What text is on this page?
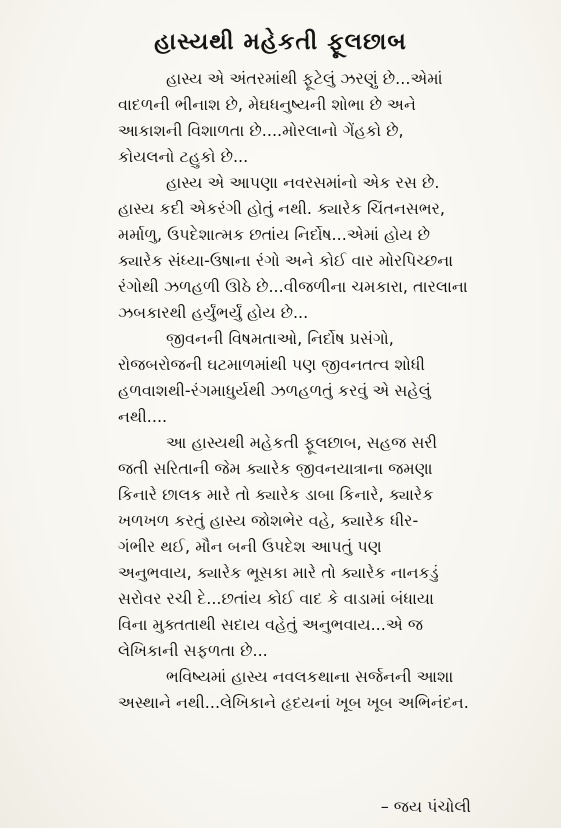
હાસ્યથી મહેકતી ફૂલછાબ
હાસ્ય એ અંતરમાંથી ફૂટેલું ઝરણું છે...એમાં
વાદળની ભીનાશ છે, મેઘધનુષ્યની શોભા છે અને
આકાશની વિશાળતા છે....મોરલાનો ગેંહકો છે,
કોયલનો ટહુકો છે...
હાસ્ય એ આપણા નવરસમાંનો એક રસ છે.
હાસ્ય કદી એકરંગી હોતું નથી. ક્યારેક ચિંતનસભર,
મર્માળુ, ઉપદેશાત્મક છતાંય નિર્દોષ...એમાં હોય છે
ક્યારેક સંધ્યા-ઉષાના રંગો અને કોઈ વાર મોરપિચ્છના
રંગોથી ઝળહળી ઊઠે છે...વીજળીના ચમકારા, તારલાના
ઝબકારથી હર્યુંભર્યું હોય છે...
જીવનની વિષમતાઓ, નિર્દોષ પ્રસંગો,
રોજબરોજની ઘટમાળમાંથી પણ જીવનતત્વ શોધી
હળવાશથી-રંગમાધુર્યથી ઝળહળતું કરવું એ સહેલું
નથી....
આ હાસ્યથી મહેકતી ફૂલછાબ, સહજ સરી
જતી સરિતાની જેમ ક્યારેક જીવનયાત્રાના જમણા
કિનારે છાલક મારે તો ક્યારેક ડાબા કિનારે, ક્યારેક
ખળખળ કરતું હાસ્ય જોશભેર વહે, ક્યારેક ધીર-
ગંભીર થઈ, મૌન બની ઉપદેશ આપતું પણ
અનુભવાય, ક્યારેક ભૂસકા મારે તો ક્યારેક નાનકડું
સરોવર રચી દે...છતાંય કોઈ વાદ કે વાડામાં બંધાયા
વિના મુક્તતાથી સદાય વહેતું અનુભવાય...એ જ
લેખિકાની સફળતા છે...
ભવિષ્યમાં હાસ્ય નવલકથાના સર્જનની આશા
અસ્થાને નથી...લેખિકાને હૃદયનાં ખૂબ ખૂબ અભિનંદન.
– જય પંચોલી
